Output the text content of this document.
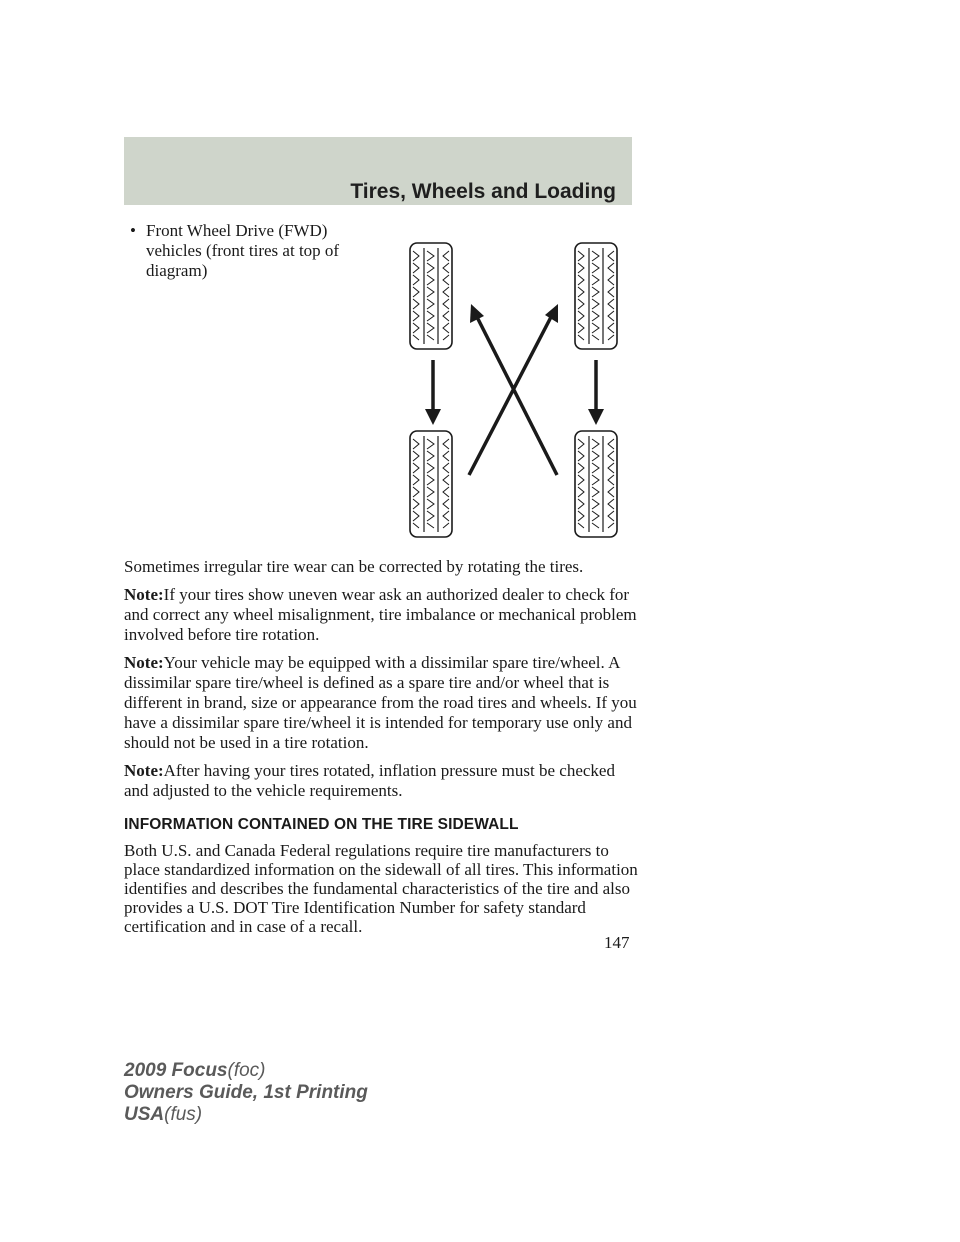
Tires, Wheels and Loading
• Front Wheel Drive (FWD) vehicles (front tires at top of diagram)

Sometimes irregular tire wear can be corrected by rotating the tires.

Note:If your tires show uneven wear ask an authorized dealer to check for and correct any wheel misalignment, tire imbalance or mechanical problem involved before tire rotation.

Note:Your vehicle may be equipped with a dissimilar spare tire/wheel. A dissimilar spare tire/wheel is defined as a spare tire and/or wheel that is different in brand, size or appearance from the road tires and wheels. If you have a dissimilar spare tire/wheel it is intended for temporary use only and should not be used in a tire rotation.

Note:After having your tires rotated, inflation pressure must be checked and adjusted to the vehicle requirements.

INFORMATION CONTAINED ON THE TIRE SIDEWALL

Both U.S. and Canada Federal regulations require tire manufacturers to place standardized information on the sidewall of all tires. This information identifies and describes the fundamental characteristics of the tire and also provides a U.S. DOT Tire Identification Number for safety standard certification and in case of a recall.

147
2009 Focus(foc)
Owners Guide, 1st Printing
USA(fus)
